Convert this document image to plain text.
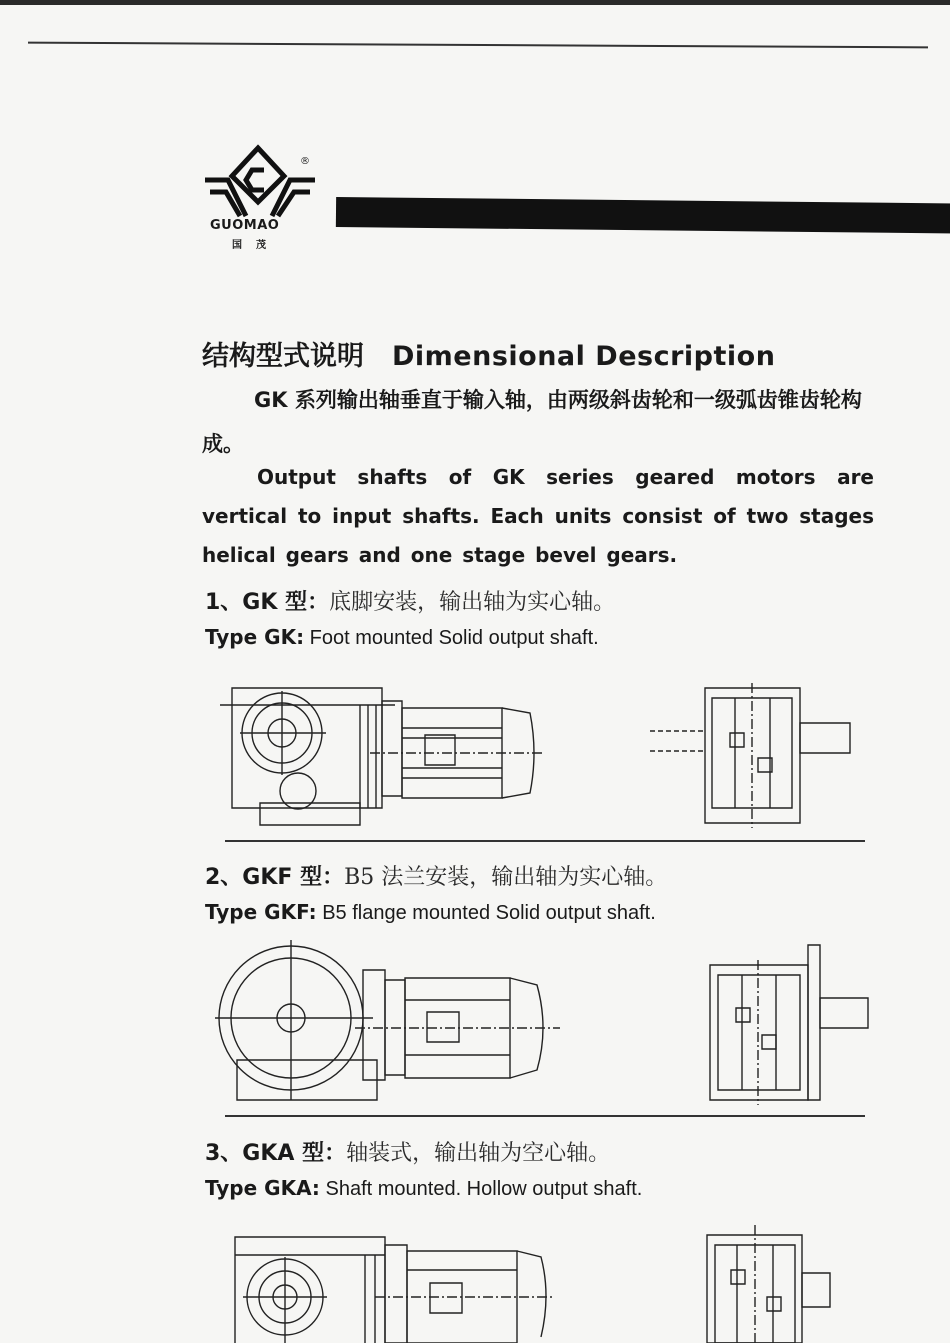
®
GUOMAO
国茂
结构型式说明 Dimensional Description
GK 系列输出轴垂直于输入轴，由两级斜齿轮和一级弧齿锥齿轮构成。
Output shafts of GK series geared motors are vertical to input shafts. Each units consist of two stages helical gears and one stage bevel gears.
1、GK 型：底脚安装，输出轴为实心轴。
Type GK: Foot mounted Solid output shaft.
2、GKF 型：B5 法兰安装，输出轴为实心轴。
Type GKF: B5 flange mounted Solid output shaft.
3、GKA 型：轴装式，输出轴为空心轴。
Type GKA: Shaft mounted. Hollow output shaft.
